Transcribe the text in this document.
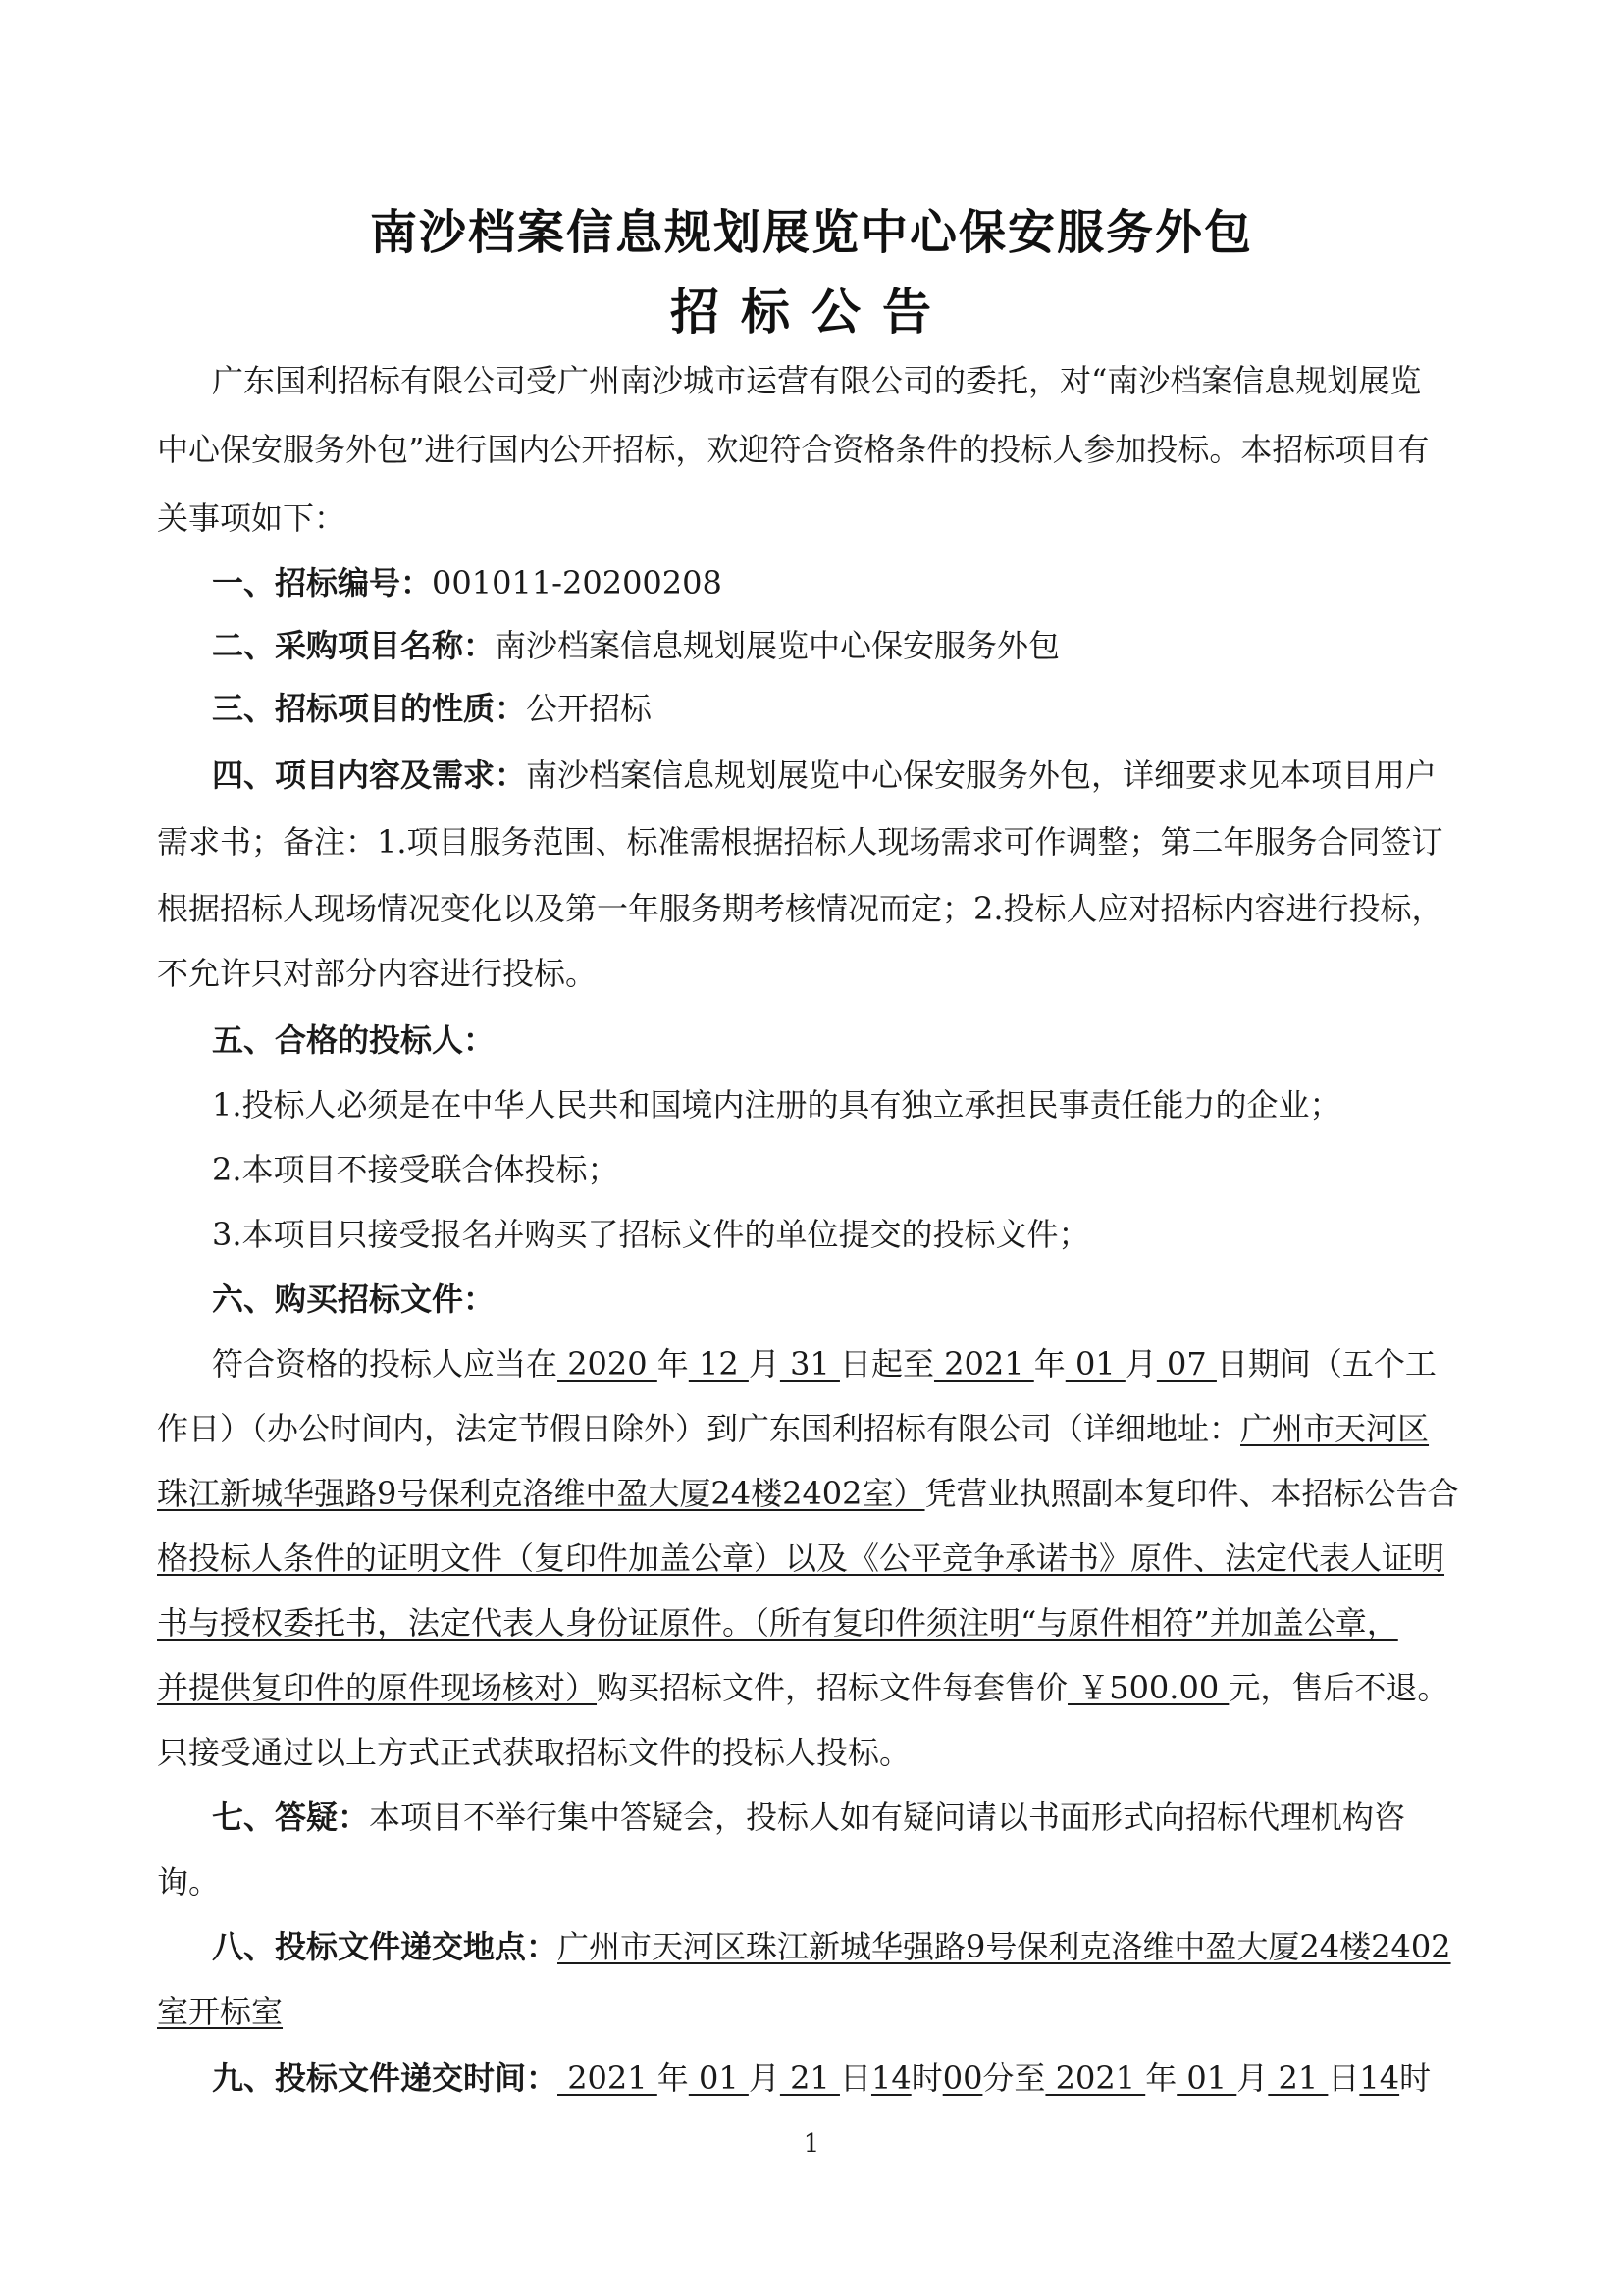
南沙档案信息规划展览中心保安服务外包
招标公告
广东国利招标有限公司受广州南沙城市运营有限公司的委托，对“南沙档案信息规划展览
中心保安服务外包”进行国内公开招标，欢迎符合资格条件的投标人参加投标。本招标项目有
关事项如下：
一、招标编号：001011-20200208
二、采购项目名称：南沙档案信息规划展览中心保安服务外包
三、招标项目的性质：公开招标
四、项目内容及需求：南沙档案信息规划展览中心保安服务外包，详细要求见本项目用户
需求书；备注：1.项目服务范围、标准需根据招标人现场需求可作调整；第二年服务合同签订
根据招标人现场情况变化以及第一年服务期考核情况而定；2.投标人应对招标内容进行投标，
不允许只对部分内容进行投标。
五、合格的投标人：
1.投标人必须是在中华人民共和国境内注册的具有独立承担民事责任能力的企业；
2.本项目不接受联合体投标；
3.本项目只接受报名并购买了招标文件的单位提交的投标文件；
六、购买招标文件：
符合资格的投标人应当在 2020 年 12 月 31 日起至 2021 年 01 月 07 日期间（五个工
作日）（办公时间内，法定节假日除外）到广东国利招标有限公司（详细地址：广州市天河区
珠江新城华强路9号保利克洛维中盈大厦24楼2402室）凭营业执照副本复印件、本招标公告合
格投标人条件的证明文件（复印件加盖公章）以及《公平竞争承诺书》原件、法定代表人证明
书与授权委托书，法定代表人身份证原件。（所有复印件须注明“与原件相符”并加盖公章，
并提供复印件的原件现场核对）购买招标文件，招标文件每套售价 ￥500.00 元，售后不退。
只接受通过以上方式正式获取招标文件的投标人投标。
七、答疑：本项目不举行集中答疑会，投标人如有疑问请以书面形式向招标代理机构咨
询。
八、投标文件递交地点：广州市天河区珠江新城华强路9号保利克洛维中盈大厦24楼2402
室开标室
九、投标文件递交时间： 2021 年 01 月 21 日14时00分至 2021 年 01 月 21 日14时
1
